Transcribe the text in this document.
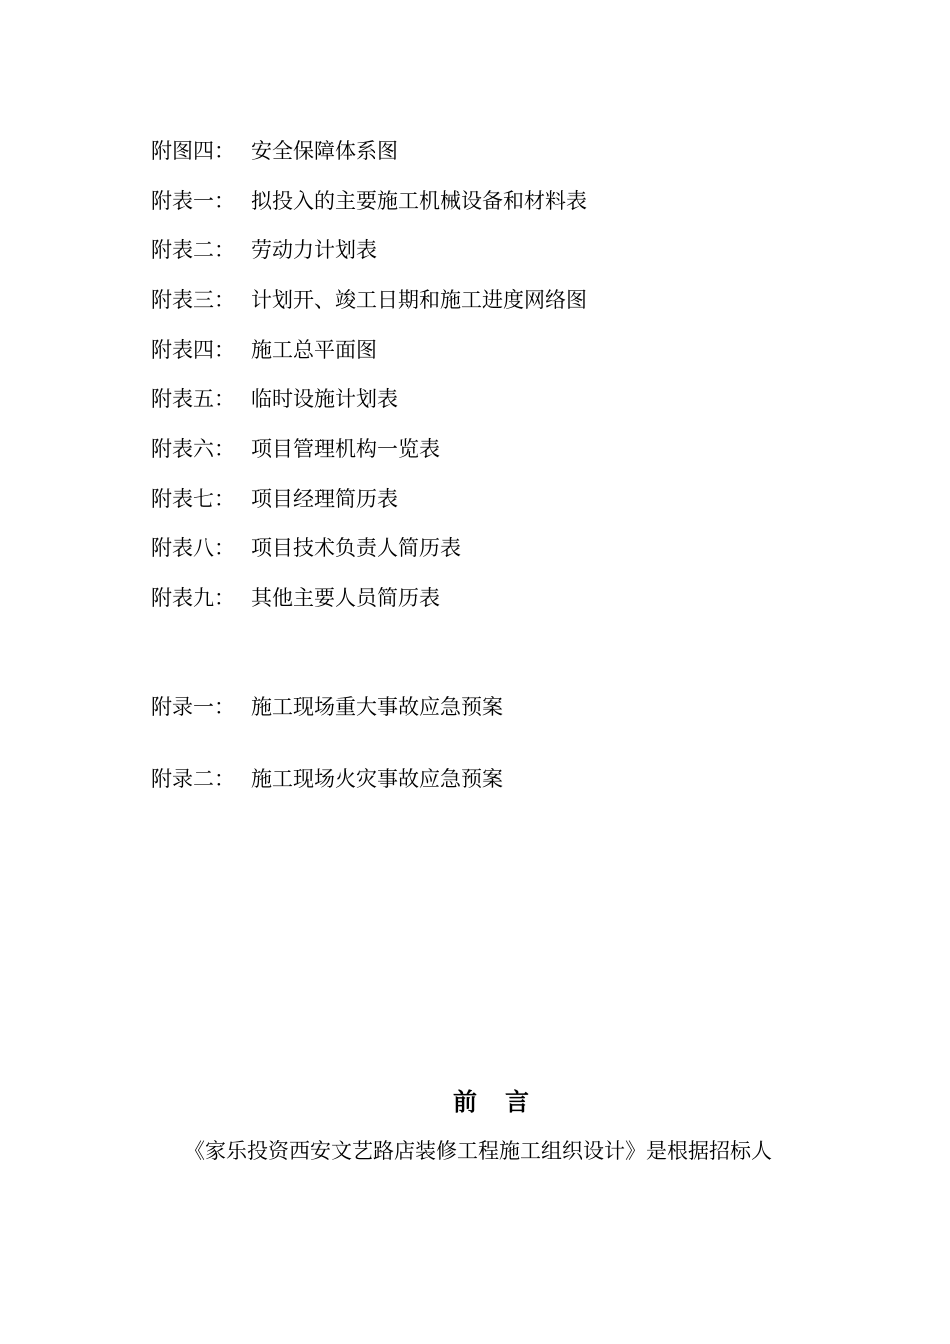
附图四： 安全保障体系图
附表一： 拟投入的主要施工机械设备和材料表
附表二： 劳动力计划表
附表三： 计划开、竣工日期和施工进度网络图
附表四： 施工总平面图
附表五： 临时设施计划表
附表六： 项目管理机构一览表
附表七： 项目经理简历表
附表八： 项目技术负责人简历表
附表九： 其他主要人员简历表
附录一： 施工现场重大事故应急预案
附录二： 施工现场火灾事故应急预案
前言
《家乐投资西安文艺路店装修工程施工组织设计》是根据招标人
